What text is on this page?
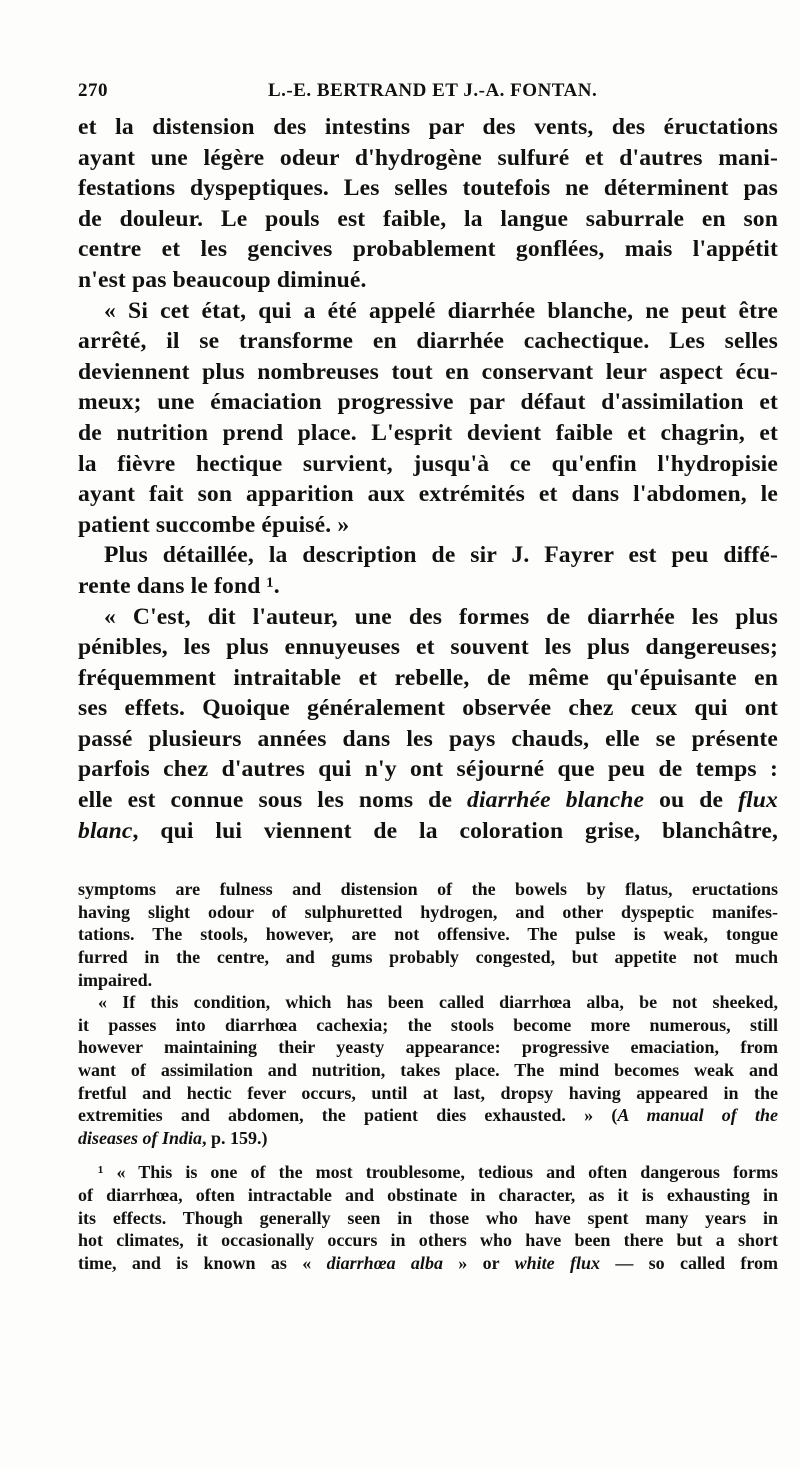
270	L.-E. BERTRAND ET J.-A. FONTAN.

et la distension des intestins par des vents, des éructations

ayant une légère odeur d'hydrogène sulfuré et d'autres mani-

festations dyspeptiques. Les selles toutefois ne déterminent pas

de douleur. Le pouls est faible, la langue saburrale en son

centre et les gencives probablement gonflées, mais l'appétit

n'est pas beaucoup diminué.

« Si cet état, qui a été appelé diarrhée blanche, ne peut être

arrêté, il se transforme en diarrhée cachectique. Les selles

deviennent plus nombreuses tout en conservant leur aspect écu-

meux; une émaciation progressive par défaut d'assimilation et

de nutrition prend place. L'esprit devient faible et chagrin, et

la fièvre hectique survient, jusqu'à ce qu'enfin l'hydropisie

ayant fait son apparition aux extrémités et dans l'abdomen, le

patient succombe épuisé. »

Plus détaillée, la description de sir J. Fayrer est peu diffé-

rente dans le fond ¹.

« C'est, dit l'auteur, une des formes de diarrhée les plus

pénibles, les plus ennuyeuses et souvent les plus dangereuses;

fréquemment intraitable et rebelle, de même qu'épuisante en

ses effets. Quoique généralement observée chez ceux qui ont

passé plusieurs années dans les pays chauds, elle se présente

parfois chez d'autres qui n'y ont séjourné que peu de temps :

elle est connue sous les noms de diarrhée blanche ou de flux

blanc, qui lui viennent de la coloration grise, blanchâtre,

symptoms are fulness and distension of the bowels by flatus, eructations

having slight odour of sulphuretted hydrogen, and other dyspeptic manifes-

tations. The stools, however, are not offensive. The pulse is weak, tongue

furred in the centre, and gums probably congested, but appetite not much

impaired.

« If this condition, which has been called diarrhœa alba, be not sheeked,

it passes into diarrhœa cachexia; the stools become more numerous, still

however maintaining their yeasty appearance: progressive emaciation, from

want of assimilation and nutrition, takes place. The mind becomes weak and

fretful and hectic fever occurs, until at last, dropsy having appeared in the

extremities and abdomen, the patient dies exhausted. » (A manual of the

diseases of India, p. 159.)

¹ « This is one of the most troublesome, tedious and often dangerous forms

of diarrhœa, often intractable and obstinate in character, as it is exhausting in

its effects. Though generally seen in those who have spent many years in

hot climates, it occasionally occurs in others who have been there but a short

time, and is known as « diarrhœa alba » or white flux — so called from
